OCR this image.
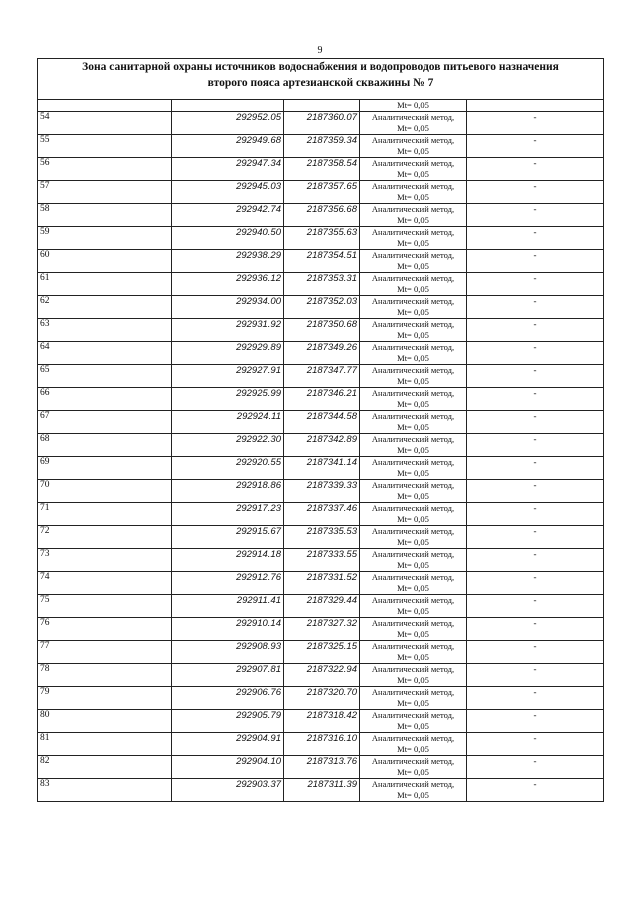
9
Зона санитарной охраны источников водоснабжения и водопроводов питьевого назначения
второго пояса артезианской скважины № 7				

			Mt= 0,05	

54	292952.05	2187360.07	Аналитический метод,
Mt= 0,05	-
55	292949.68	2187359.34	Аналитический метод,
Mt= 0,05	-
56	292947.34	2187358.54	Аналитический метод,
Mt= 0,05	-
57	292945.03	2187357.65	Аналитический метод,
Mt= 0,05	-
58	292942.74	2187356.68	Аналитический метод,
Mt= 0,05	-
59	292940.50	2187355.63	Аналитический метод,
Mt= 0,05	-
60	292938.29	2187354.51	Аналитический метод,
Mt= 0,05	-
61	292936.12	2187353.31	Аналитический метод,
Mt= 0,05	-
62	292934.00	2187352.03	Аналитический метод,
Mt= 0,05	-
63	292931.92	2187350.68	Аналитический метод,
Mt= 0,05	-
64	292929.89	2187349.26	Аналитический метод,
Mt= 0,05	-
65	292927.91	2187347.77	Аналитический метод,
Mt= 0,05	-
66	292925.99	2187346.21	Аналитический метод,
Mt= 0,05	-
67	292924.11	2187344.58	Аналитический метод,
Mt= 0,05	-
68	292922.30	2187342.89	Аналитический метод,
Mt= 0,05	-
69	292920.55	2187341.14	Аналитический метод,
Mt= 0,05	-
70	292918.86	2187339.33	Аналитический метод,
Mt= 0,05	-
71	292917.23	2187337.46	Аналитический метод,
Mt= 0,05	-
72	292915.67	2187335.53	Аналитический метод,
Mt= 0,05	-
73	292914.18	2187333.55	Аналитический метод,
Mt= 0,05	-
74	292912.76	2187331.52	Аналитический метод,
Mt= 0,05	-
75	292911.41	2187329.44	Аналитический метод,
Mt= 0,05	-
76	292910.14	2187327.32	Аналитический метод,
Mt= 0,05	-
77	292908.93	2187325.15	Аналитический метод,
Mt= 0,05	-
78	292907.81	2187322.94	Аналитический метод,
Mt= 0,05	-
79	292906.76	2187320.70	Аналитический метод,
Mt= 0,05	-
80	292905.79	2187318.42	Аналитический метод,
Mt= 0,05	-
81	292904.91	2187316.10	Аналитический метод,
Mt= 0,05	-
82	292904.10	2187313.76	Аналитический метод,
Mt= 0,05	-
83	292903.37	2187311.39	Аналитический метод,
Mt= 0,05	-
